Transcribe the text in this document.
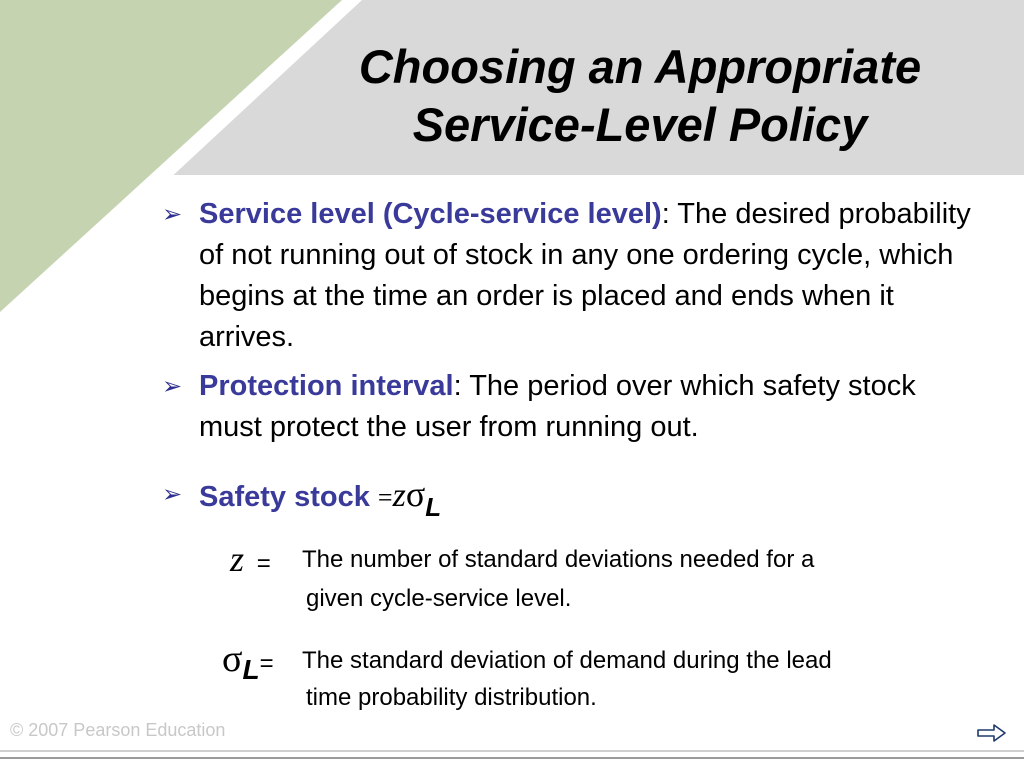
Choosing an Appropriate
Service-Level Policy
➢ Service level (Cycle-service level): The desired probability of not running out of stock in any one ordering cycle, which begins at the time an order is placed and ends when it arrives.
➢ Protection interval: The period over which safety stock must protect the user from running out.
➢ Safety stock =zσL
z = The number of standard deviations needed for a
given cycle-service level.
σL= The standard deviation of demand during the lead
time probability distribution.
© 2007 Pearson Education
